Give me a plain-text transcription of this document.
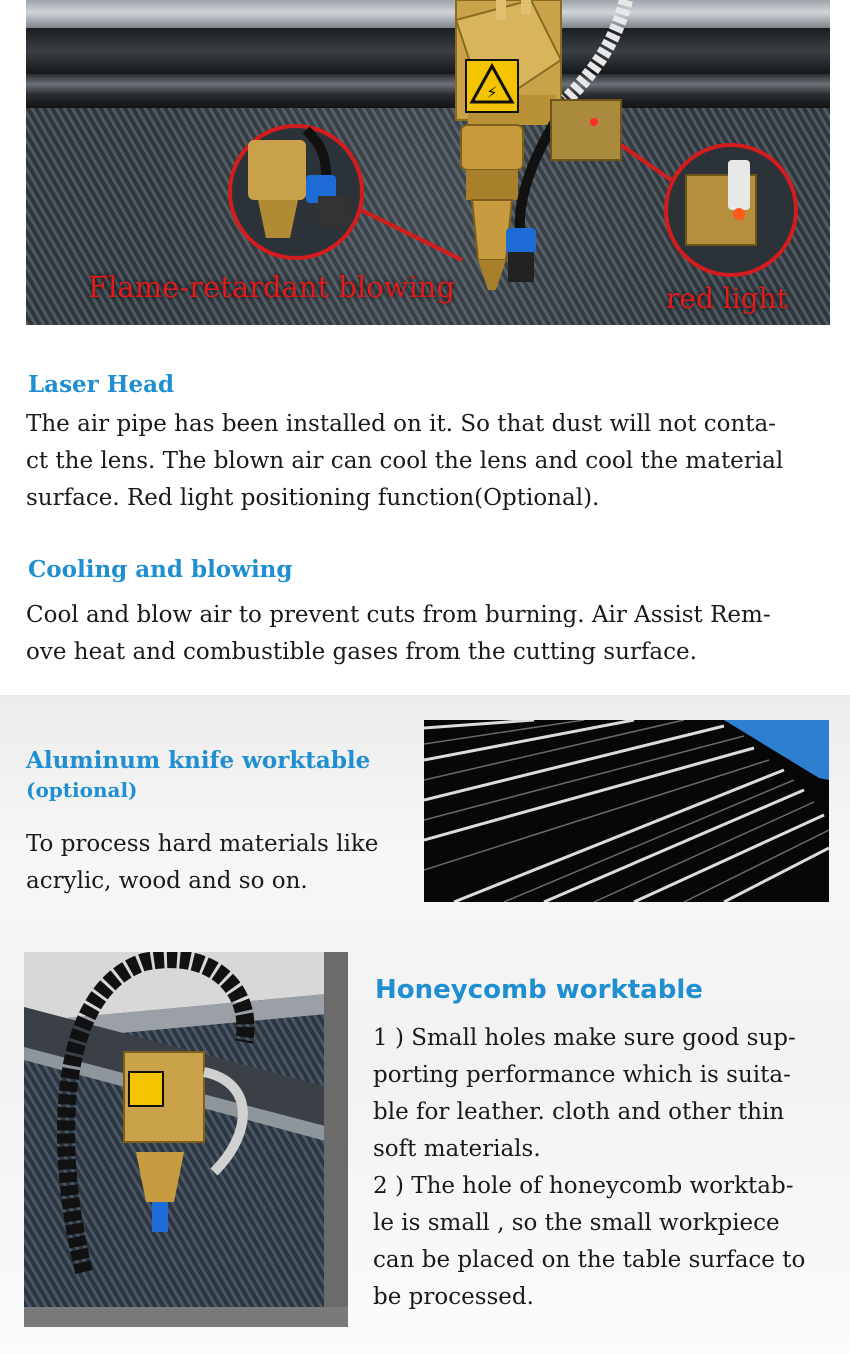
⚡
Flame-retardant blowing	red light
Laser Head
The air pipe has been installed on it. So that dust will not conta-
ct the lens. The blown air can cool the lens and cool the material
surface. Red light positioning function(Optional).
Cooling and blowing
Cool and blow air to prevent cuts from burning. Air Assist Rem-
ove heat and combustible gases from the cutting surface.
Aluminum knife worktable
(optional)
To process hard materials like
acrylic, wood and so on.
Honeycomb worktable
1 ) Small holes make sure good sup-
porting performance which is suita-
ble for leather. cloth and other thin
soft materials.
2 ) The hole of honeycomb worktab-
le is small , so the small workpiece
can be placed on the table surface to
be processed.
